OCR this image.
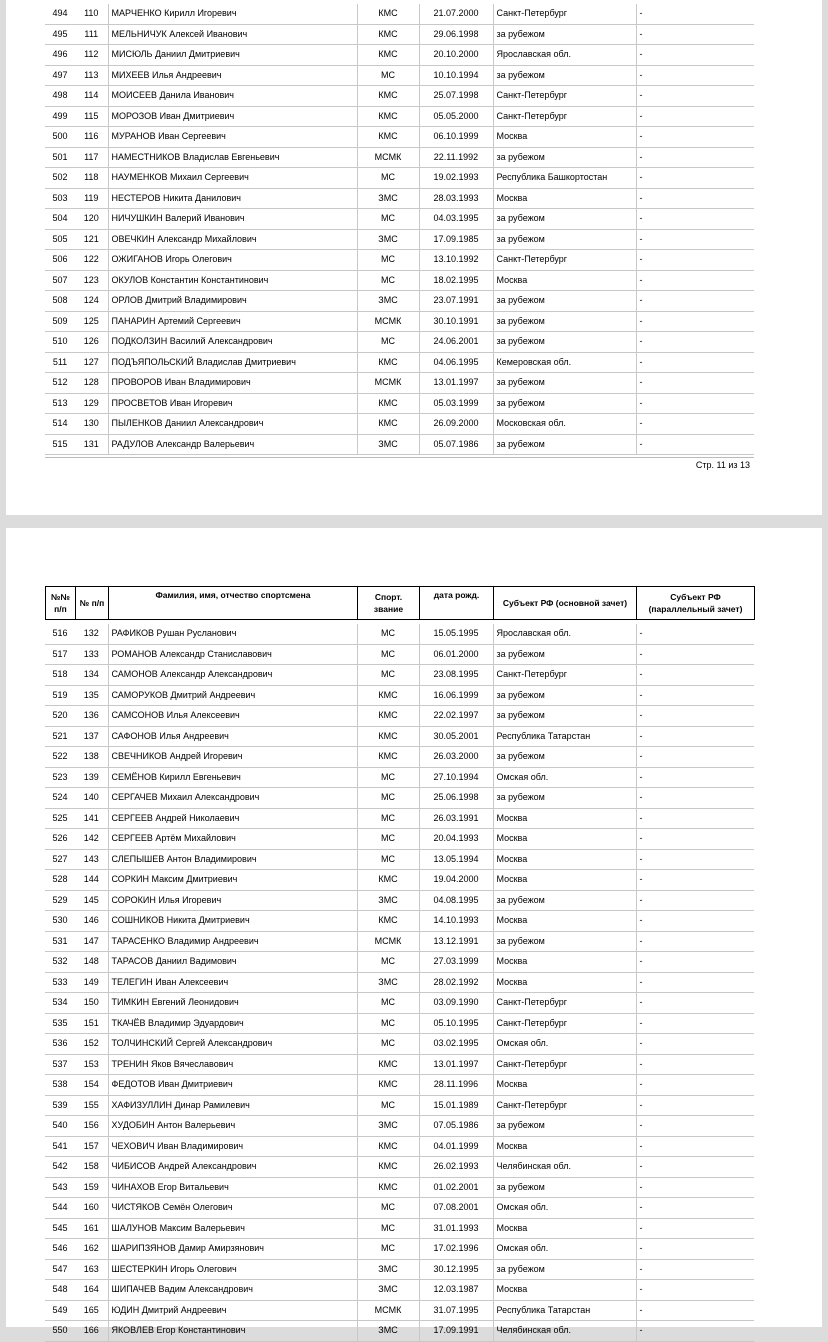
494	110	МАРЧЕНКО Кирилл Игоревич	КМС	21.07.2000	Санкт-Петербург	-
495	111	МЕЛЬНИЧУК Алексей Иванович	КМС	29.06.1998	за рубежом	-
496	112	МИСЮЛЬ Даниил Дмитриевич	КМС	20.10.2000	Ярославская обл.	-
497	113	МИХЕЕВ Илья Андреевич	МС	10.10.1994	за рубежом	-
498	114	МОИСЕЕВ Данила Иванович	КМС	25.07.1998	Санкт-Петербург	-
499	115	МОРОЗОВ Иван Дмитриевич	КМС	05.05.2000	Санкт-Петербург	-
500	116	МУРАНОВ Иван Сергеевич	КМС	06.10.1999	Москва	-
501	117	НАМЕСТНИКОВ Владислав Евгеньевич	МСМК	22.11.1992	за рубежом	-
502	118	НАУМЕНКОВ Михаил Сергеевич	МС	19.02.1993	Республика Башкортостан	-
503	119	НЕСТЕРОВ Никита Данилович	ЗМС	28.03.1993	Москва	-
504	120	НИЧУШКИН Валерий Иванович	МС	04.03.1995	за рубежом	-
505	121	ОВЕЧКИН Александр Михайлович	ЗМС	17.09.1985	за рубежом	-
506	122	ОЖИГАНОВ Игорь Олегович	МС	13.10.1992	Санкт-Петербург	-
507	123	ОКУЛОВ Константин Константинович	МС	18.02.1995	Москва	-
508	124	ОРЛОВ Дмитрий Владимирович	ЗМС	23.07.1991	за рубежом	-
509	125	ПАНАРИН Артемий Сергеевич	МСМК	30.10.1991	за рубежом	-
510	126	ПОДКОЛЗИН Василий Александрович	МС	24.06.2001	за рубежом	-
511	127	ПОДЪЯПОЛЬСКИЙ Владислав Дмитриевич	КМС	04.06.1995	Кемеровская обл.	-
512	128	ПРОВОРОВ Иван Владимирович	МСМК	13.01.1997	за рубежом	-
513	129	ПРОСВЕТОВ Иван Игоревич	КМС	05.03.1999	за рубежом	-
514	130	ПЫЛЕНКОВ Даниил Александрович	КМС	26.09.2000	Московская обл.	-
515	131	РАДУЛОВ Александр Валерьевич	ЗМС	05.07.1986	за рубежом	-
Стр. 11 из 13
№№ п/п	№ п/п	Фамилия, имя, отчество спортсмена	Спорт. звание	дата рожд.	Субъект РФ (основной зачет)	Субъект РФ (параллельный зачет)
516	132	РАФИКОВ Рушан Русланович	МС	15.05.1995	Ярославская обл.	-
517	133	РОМАНОВ Александр Станиславович	МС	06.01.2000	за рубежом	-
518	134	САМОНОВ Александр Александрович	МС	23.08.1995	Санкт-Петербург	-
519	135	САМОРУКОВ Дмитрий Андреевич	КМС	16.06.1999	за рубежом	-
520	136	САМСОНОВ Илья Алексеевич	КМС	22.02.1997	за рубежом	-
521	137	САФОНОВ Илья Андреевич	КМС	30.05.2001	Республика Татарстан	-
522	138	СВЕЧНИКОВ Андрей Игоревич	КМС	26.03.2000	за рубежом	-
523	139	СЕМЁНОВ Кирилл Евгеньевич	МС	27.10.1994	Омская обл.	-
524	140	СЕРГАЧЕВ Михаил Александрович	МС	25.06.1998	за рубежом	-
525	141	СЕРГЕЕВ Андрей Николаевич	МС	26.03.1991	Москва	-
526	142	СЕРГЕЕВ Артём Михайлович	МС	20.04.1993	Москва	-
527	143	СЛЕПЫШЕВ Антон Владимирович	МС	13.05.1994	Москва	-
528	144	СОРКИН Максим Дмитриевич	КМС	19.04.2000	Москва	-
529	145	СОРОКИН Илья Игоревич	ЗМС	04.08.1995	за рубежом	-
530	146	СОШНИКОВ Никита Дмитриевич	КМС	14.10.1993	Москва	-
531	147	ТАРАСЕНКО Владимир Андреевич	МСМК	13.12.1991	за рубежом	-
532	148	ТАРАСОВ Даниил Вадимович	МС	27.03.1999	Москва	-
533	149	ТЕЛЕГИН Иван Алексеевич	ЗМС	28.02.1992	Москва	-
534	150	ТИМКИН Евгений Леонидович	МС	03.09.1990	Санкт-Петербург	-
535	151	ТКАЧЁВ Владимир Эдуардович	МС	05.10.1995	Санкт-Петербург	-
536	152	ТОЛЧИНСКИЙ Сергей Александрович	МС	03.02.1995	Омская обл.	-
537	153	ТРЕНИН Яков Вячеславович	КМС	13.01.1997	Санкт-Петербург	-
538	154	ФЕДОТОВ Иван Дмитриевич	КМС	28.11.1996	Москва	-
539	155	ХАФИЗУЛЛИН Динар Рамилевич	МС	15.01.1989	Санкт-Петербург	-
540	156	ХУДОБИН Антон Валерьевич	ЗМС	07.05.1986	за рубежом	-
541	157	ЧЕХОВИЧ Иван Владимирович	КМС	04.01.1999	Москва	-
542	158	ЧИБИСОВ Андрей Александрович	КМС	26.02.1993	Челябинская обл.	-
543	159	ЧИНАХОВ Егор Витальевич	КМС	01.02.2001	за рубежом	-
544	160	ЧИСТЯКОВ Семён Олегович	МС	07.08.2001	Омская обл.	-
545	161	ШАЛУНОВ Максим Валерьевич	МС	31.01.1993	Москва	-
546	162	ШАРИПЗЯНОВ Дамир Амирзянович	МС	17.02.1996	Омская обл.	-
547	163	ШЕСТЕРКИН Игорь Олегович	ЗМС	30.12.1995	за рубежом	-
548	164	ШИПАЧЕВ Вадим Александрович	ЗМС	12.03.1987	Москва	-
549	165	ЮДИН Дмитрий Андреевич	МСМК	31.07.1995	Республика Татарстан	-
550	166	ЯКОВЛЕВ Егор Константинович	ЗМС	17.09.1991	Челябинская обл.	-
